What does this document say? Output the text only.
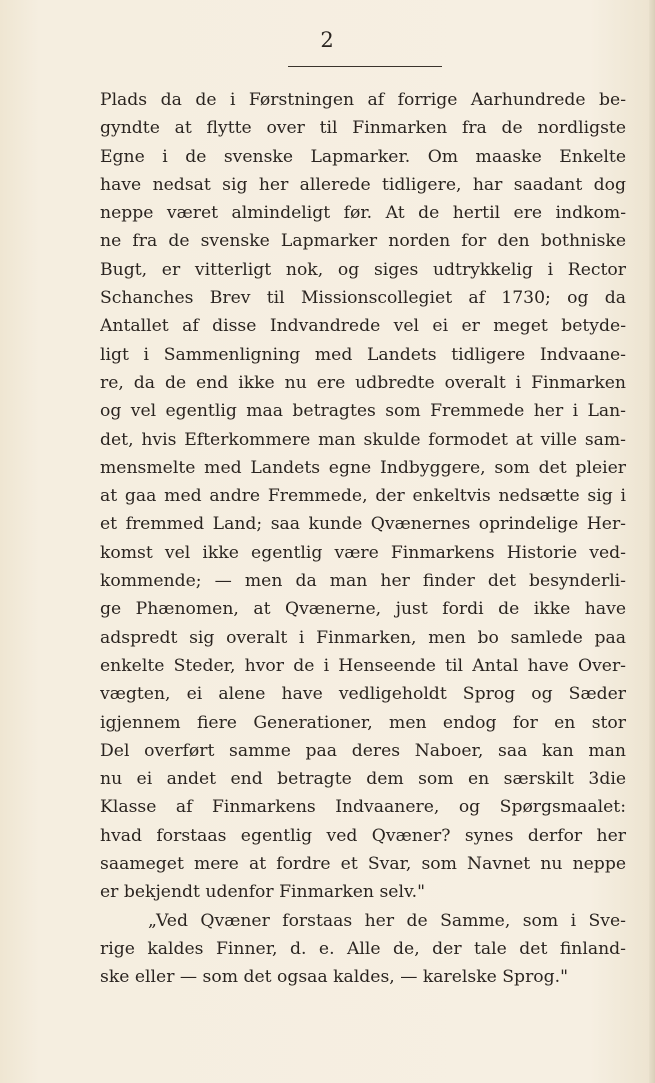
2
Plads da de i Førstningen af forrige Aarhundrede be-
gyndte at flytte over til Finmarken fra de nordligste
Egne i de svenske Lapmarker. Om maaske Enkelte
have nedsat sig her allerede tidligere, har saadant dog
neppe været almindeligt før. At de hertil ere indkom-
ne fra de svenske Lapmarker norden for den bothniske
Bugt, er vitterligt nok, og siges udtrykkelig i Rector
Schanches Brev til Missionscollegiet af 1730; og da
Antallet af disse Indvandrede vel ei er meget betyde-
ligt i Sammenligning med Landets tidligere Indvaane-
re, da de end ikke nu ere udbredte overalt i Finmarken
og vel egentlig maa betragtes som Fremmede her i Lan-
det, hvis Efterkommere man skulde formodet at ville sam-
mensmelte med Landets egne Indbyggere, som det pleier
at gaa med andre Fremmede, der enkeltvis nedsætte sig i
et fremmed Land; saa kunde Qvænernes oprindelige Her-
komst vel ikke egentlig være Finmarkens Historie ved-
kommende; — men da man her finder det besynderli-
ge Phænomen, at Qvænerne, just fordi de ikke have
adspredt sig overalt i Finmarken, men bo samlede paa
enkelte Steder, hvor de i Henseende til Antal have Over-
vægten, ei alene have vedligeholdt Sprog og Sæder
igjennem fiere Generationer, men endog for en stor
Del overført samme paa deres Naboer, saa kan man
nu ei andet end betragte dem som en særskilt 3die
Klasse af Finmarkens Indvaanere, og Spørgsmaalet:
hvad forstaas egentlig ved Qvæner? synes derfor her
saameget mere at fordre et Svar, som Navnet nu neppe
er bekjendt udenfor Finmarken selv."
„Ved Qvæner forstaas her de Samme, som i Sve-
rige kaldes Finner, d. e. Alle de, der tale det finland-
ske eller — som det ogsaa kaldes, — karelske Sprog."
